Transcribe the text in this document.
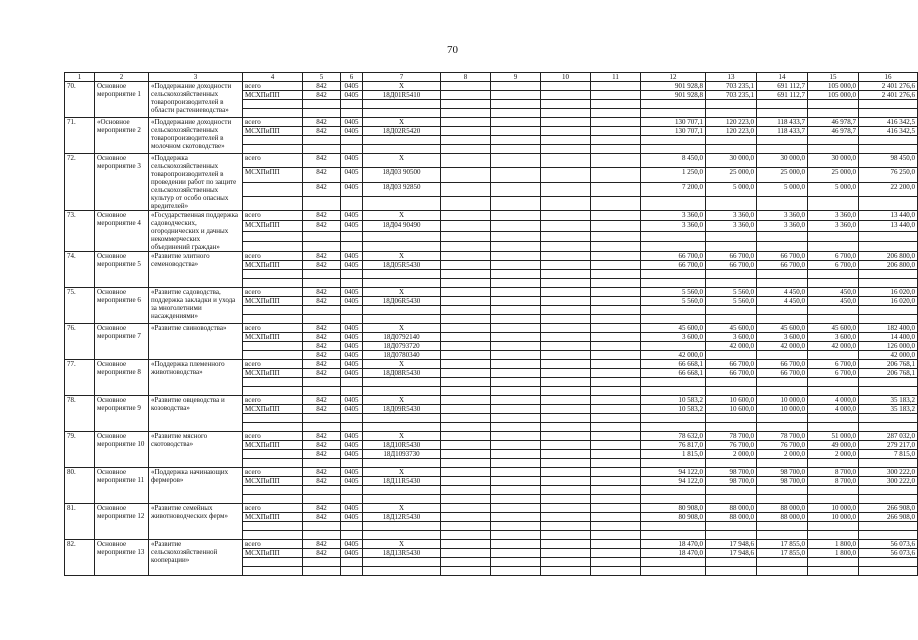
70
1	2	3	4	5	6	7	8	9	10	11	12	13	14	15	16
70.	Основное мероприятие 1	«Поддержание доходности сельскохозяйственных товаропроизводителей в области растениеводства»	всего	842	0405	X					901 928,8	703 235,1	691 112,7	105 000,0	2 401 276,6
			МСХПиПП	842	0405	18Д01R5410					901 928,8	703 235,1	691 112,7	105 000,0	2 401 276,6

71.	«Основное мероприятие 2	«Поддержание доходности сельскохозяйственных товаропроизводителей в молочном скотоводстве»	всего	842	0405	X					130 707,1	120 223,0	118 433,7	46 978,7	416 342,5
			МСХПиПП	842	0405	18Д02R5420					130 707,1	120 223,0	118 433,7	46 978,7	416 342,5

72.	Основное мероприятие 3	«Поддержка сельскохозяйственных товаропроизводителей в проведении работ по защите сельскохозяйственных культур от особо опасных вредителей»	всего	842	0405	X					8 450,0	30 000,0	30 000,0	30 000,0	98 450,0
			МСХПиПП	842	0405	18Д03 90500					1 250,0	25 000,0	25 000,0	25 000,0	76 250,0
				842	0405	18Д03 92850					7 200,0	5 000,0	5 000,0	5 000,0	22 200,0

73.	Основное мероприятие 4	«Государственная поддержка садоводческих, огороднических и дачных некоммерческих объединений граждан»	всего	842	0405	X					3 360,0	3 360,0	3 360,0	3 360,0	13 440,0
			МСХПиПП	842	0405	18Д04 90490					3 360,0	3 360,0	3 360,0	3 360,0	13 440,0

74.	Основное мероприятие 5	«Развитие элитного семеноводства»	всего	842	0405	X					66 700,0	66 700,0	66 700,0	6 700,0	206 800,0
			МСХПиПП	842	0405	18Д05R5430					66 700,0	66 700,0	66 700,0	6 700,0	206 800,0

75.	Основное мероприятие 6	«Развитие садоводства, поддержка закладки и ухода за многолетними насаждениями»	всего	842	0405	X					5 560,0	5 560,0	4 450,0	450,0	16 020,0
			МСХПиПП	842	0405	18Д06R5430					5 560,0	5 560,0	4 450,0	450,0	16 020,0

76.	Основное мероприятие 7	«Развитие свиноводства»	всего	842	0405	X					45 600,0	45 600,0	45 600,0	45 600,0	182 400,0
			МСХПиПП	842	0405	18Д0792140					3 600,0	3 600,0	3 600,0	3 600,0	14 400,0
				842	0405	18Д0793720						42 000,0	42 000,0	42 000,0	126 000,0
				842	0405	18Д0780340					42 000,0				42 000,0
77.	Основное мероприятие 8	«Поддержка племенного животноводства»	всего	842	0405	X					66 668,1	66 700,0	66 700,0	6 700,0	206 768,1
			МСХПиПП	842	0405	18Д08R5430					66 668,1	66 700,0	66 700,0	6 700,0	206 768,1

78.	Основное мероприятие 9	«Развитие овцеводства и козоводства»	всего	842	0405	X					10 583,2	10 600,0	10 000,0	4 000,0	35 183,2
			МСХПиПП	842	0405	18Д09R5430					10 583,2	10 600,0	10 000,0	4 000,0	35 183,2

79.	Основное мероприятие 10	«Развитие мясного скотоводства»	всего	842	0405	X					78 632,0	78 700,0	78 700,0	51 000,0	287 032,0
			МСХПиПП	842	0405	18Д10R5430					76 817,0	76 700,0	76 700,0	49 000,0	279 217,0
				842	0405	18Д1093730					1 815,0	2 000,0	2 000,0	2 000,0	7 815,0

80.	Основное мероприятие 11	«Поддержка начинающих фермеров»	всего	842	0405	X					94 122,0	98 700,0	98 700,0	8 700,0	300 222,0
			МСХПиПП	842	0405	18Д11R5430					94 122,0	98 700,0	98 700,0	8 700,0	300 222,0

81.	Основное мероприятие 12	«Развитие семейных животноводческих ферм»	всего	842	0405	X					80 908,0	88 000,0	88 000,0	10 000,0	266 908,0
			МСХПиПП	842	0405	18Д12R5430					80 908,0	88 000,0	88 000,0	10 000,0	266 908,0

82.	Основное мероприятие 13	«Развитие сельскохозяйственной кооперации»	всего	842	0405	X					18 470,0	17 948,6	17 855,0	1 800,0	56 073,6
			МСХПиПП	842	0405	18Д13R5430					18 470,0	17 948,6	17 855,0	1 800,0	56 073,6
